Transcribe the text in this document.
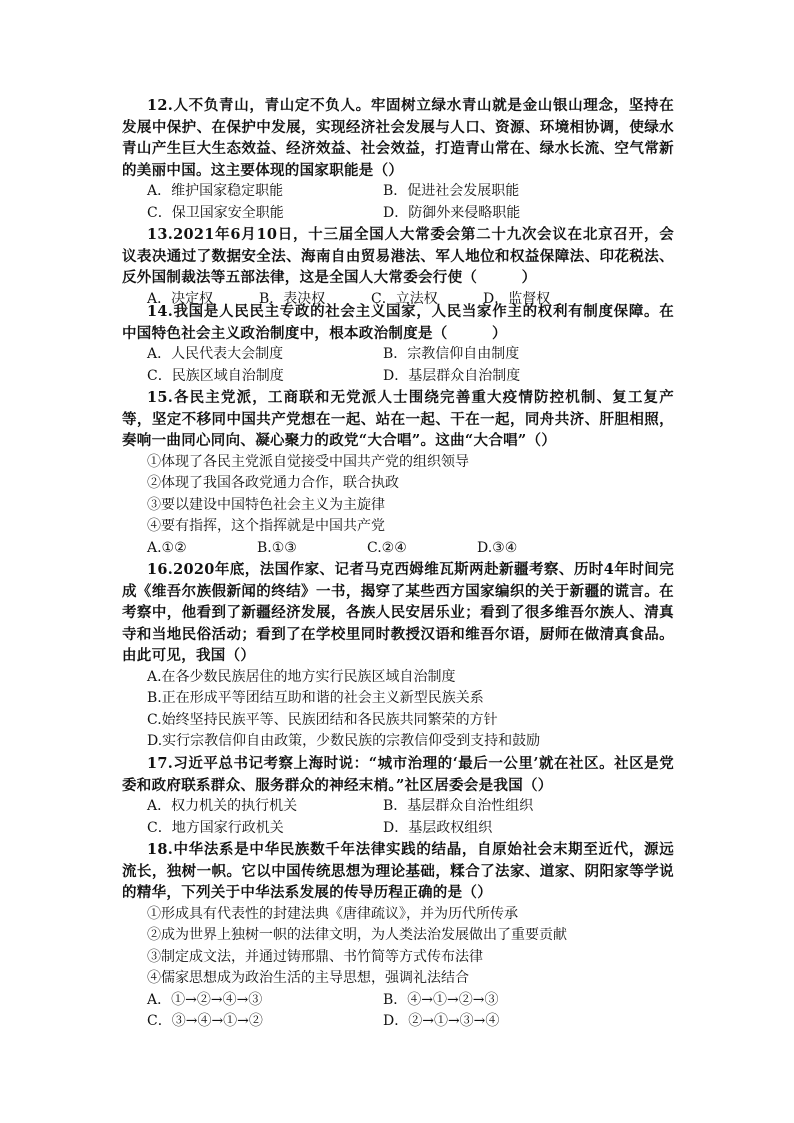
12.人不负青山，青山定不负人。牢固树立绿水青山就是金山银山理念，坚持在发展中保护、在保护中发展，实现经济社会发展与人口、资源、环境相协调，使绿水青山产生巨大生态效益、经济效益、社会效益，打造青山常在、绿水长流、空气常新的美丽中国。这主要体现的国家职能是（）

A．维护国家稳定职能	B．促进社会发展职能

C．保卫国家安全职能	D．防御外来侵略职能

13.2021年6月10日，十三届全国人大常委会第二十九次会议在北京召开，会议表决通过了数据安全法、海南自由贸易港法、军人地位和权益保障法、印花税法、反外国制裁法等五部法律，这是全国人大常委会行使（　　　）

A．决定权	B．表决权	C．立法权	D．监督权

14.我国是人民民主专政的社会主义国家，人民当家作主的权利有制度保障。在中国特色社会主义政治制度中，根本政治制度是（　　　）

A．人民代表大会制度	B．宗教信仰自由制度

C．民族区域自治制度	D．基层群众自治制度

15.各民主党派，工商联和无党派人士围绕完善重大疫情防控机制、复工复产等，坚定不移同中国共产党想在一起、站在一起、干在一起，同舟共济、肝胆相照，奏响一曲同心同向、凝心聚力的政党“大合唱”。这曲“大合唱”（）

①体现了各民主党派自觉接受中国共产党的组织领导

②体现了我国各政党通力合作，联合执政

③要以建设中国特色社会主义为主旋律

④要有指挥，这个指挥就是中国共产党

A.①②	B.①③	C.②④	D.③④

16.2020年底，法国作家、记者马克西姆维瓦斯两赴新疆考察、历时4年时间完成《维吾尔族假新闻的终结》一书，揭穿了某些西方国家编织的关于新疆的谎言。在考察中，他看到了新疆经济发展，各族人民安居乐业；看到了很多维吾尔族人、清真寺和当地民俗活动；看到了在学校里同时教授汉语和维吾尔语，厨师在做清真食品。由此可见，我国（）

A.在各少数民族居住的地方实行民族区域自治制度

B.正在形成平等团结互助和谐的社会主义新型民族关系

C.始终坚持民族平等、民族团结和各民族共同繁荣的方针

D.实行宗教信仰自由政策，少数民族的宗教信仰受到支持和鼓励

17.习近平总书记考察上海时说：“城市治理的‘最后一公里’就在社区。社区是党委和政府联系群众、服务群众的神经末梢。”社区居委会是我国（）

A．权力机关的执行机关	B．基层群众自治性组织

C．地方国家行政机关	D．基层政权组织

18.中华法系是中华民族数千年法律实践的结晶，自原始社会末期至近代，源远流长，独树一帜。它以中国传统思想为理论基础，糅合了法家、道家、阴阳家等学说的精华，下列关于中华法系发展的传导历程正确的是（）

①形成具有代表性的封建法典《唐律疏议》，并为历代所传承

②成为世界上独树一帜的法律文明，为人类法治发展做出了重要贡献

③制定成文法，并通过铸邢鼎、书竹简等方式传布法律

④儒家思想成为政治生活的主导思想，强调礼法结合

A．①→②→④→③	B．④→①→②→③

C．③→④→①→②	D．②→①→③→④
